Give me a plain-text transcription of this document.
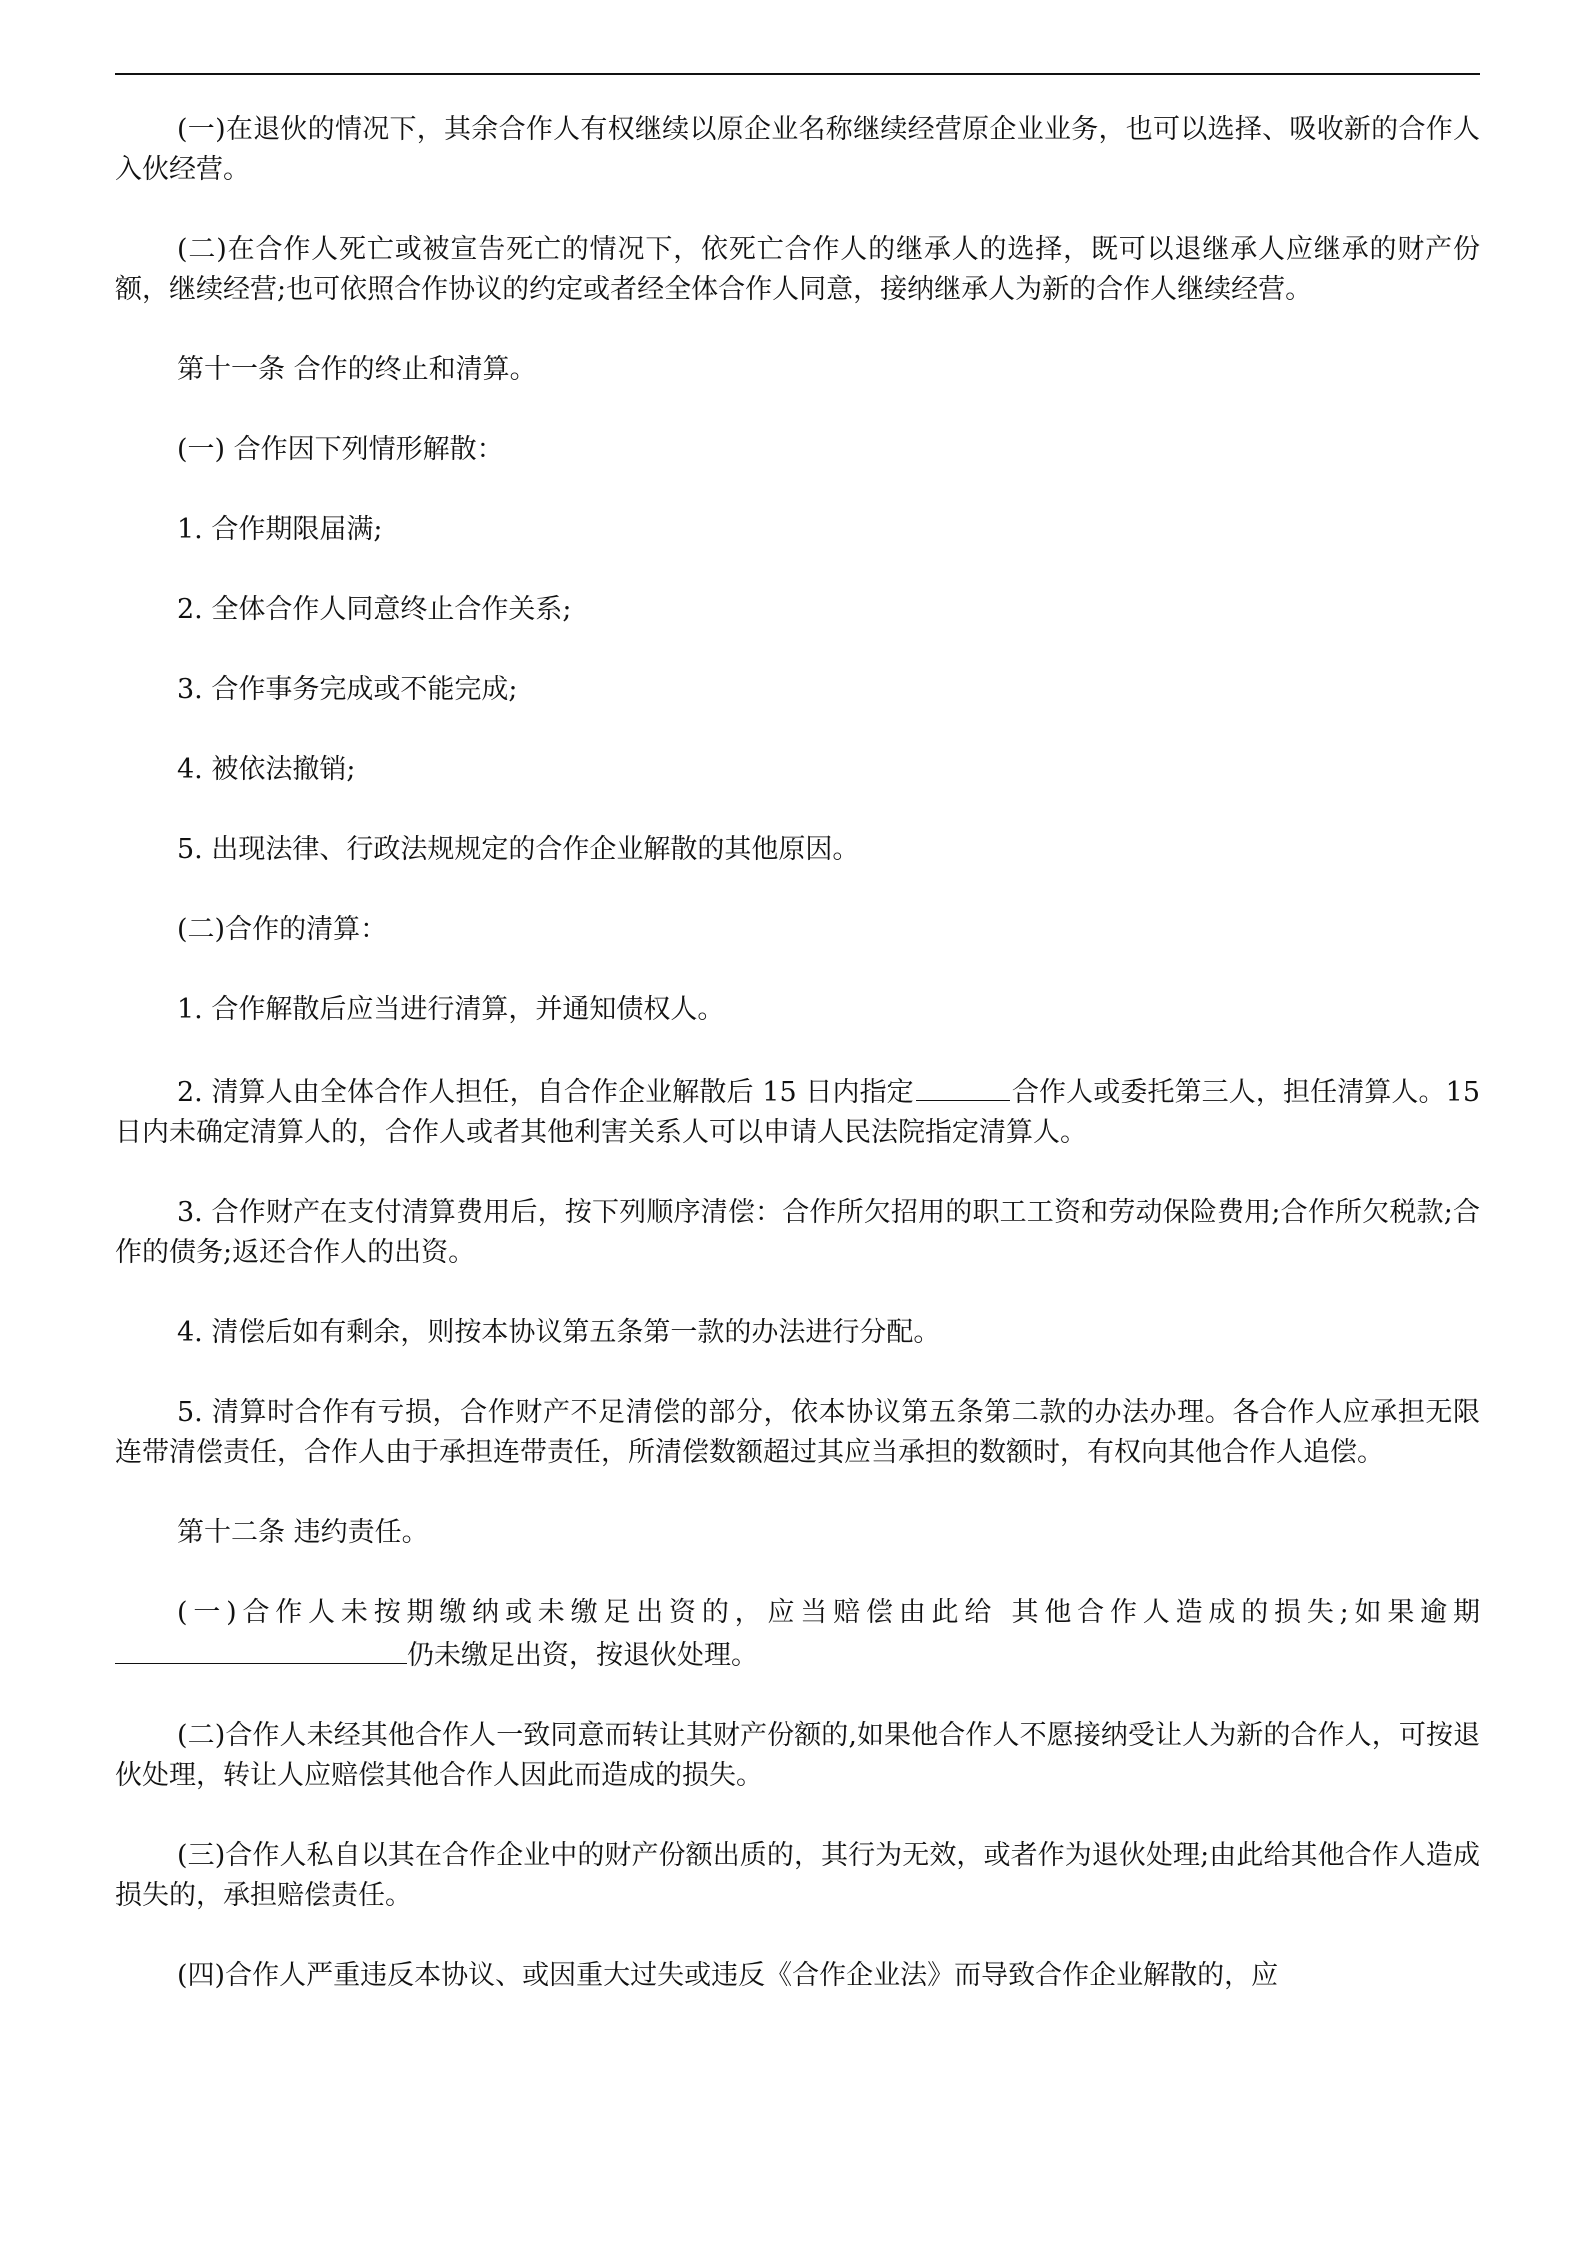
(一)在退伙的情况下，其余合作人有权继续以原企业名称继续经营原企业业务，也可以选择、吸收新的合作人入伙经营。

(二)在合作人死亡或被宣告死亡的情况下，依死亡合作人的继承人的选择，既可以退继承人应继承的财产份额，继续经营;也可依照合作协议的约定或者经全体合作人同意，接纳继承人为新的合作人继续经营。

第十一条 合作的终止和清算。

(一) 合作因下列情形解散：

1. 合作期限届满;

2. 全体合作人同意终止合作关系;

3. 合作事务完成或不能完成;

4. 被依法撤销;

5. 出现法律、行政法规规定的合作企业解散的其他原因。

(二)合作的清算：

1. 合作解散后应当进行清算，并通知债权人。

2. 清算人由全体合作人担任，自合作企业解散后 15 日内指定	合作人或委托第三人，担任清算人。15 日内未确定清算人的，合作人或者其他利害关系人可以申请人民法院指定清算人。

3. 合作财产在支付清算费用后，按下列顺序清偿：合作所欠招用的职工工资和劳动保险费用;合作所欠税款;合作的债务;返还合作人的出资。

4. 清偿后如有剩余，则按本协议第五条第一款的办法进行分配。

5. 清算时合作有亏损，合作财产不足清偿的部分，依本协议第五条第二款的办法办理。各合作人应承担无限连带清偿责任，合作人由于承担连带责任，所清偿数额超过其应当承担的数额时，有权向其他合作人追偿。

第十二条 违约责任。

(一)合作人未按期缴纳或未缴足出资的，应当赔偿由此给 其他合作人造成的损失;如果逾期仍未缴足出资，按退伙处理。

(二)合作人未经其他合作人一致同意而转让其财产份额的,如果他合作人不愿接纳受让人为新的合作人，可按退伙处理，转让人应赔偿其他合作人因此而造成的损失。

(三)合作人私自以其在合作企业中的财产份额出质的，其行为无效，或者作为退伙处理;由此给其他合作人造成损失的，承担赔偿责任。

(四)合作人严重违反本协议、或因重大过失或违反《合作企业法》而导致合作企业解散的，应
